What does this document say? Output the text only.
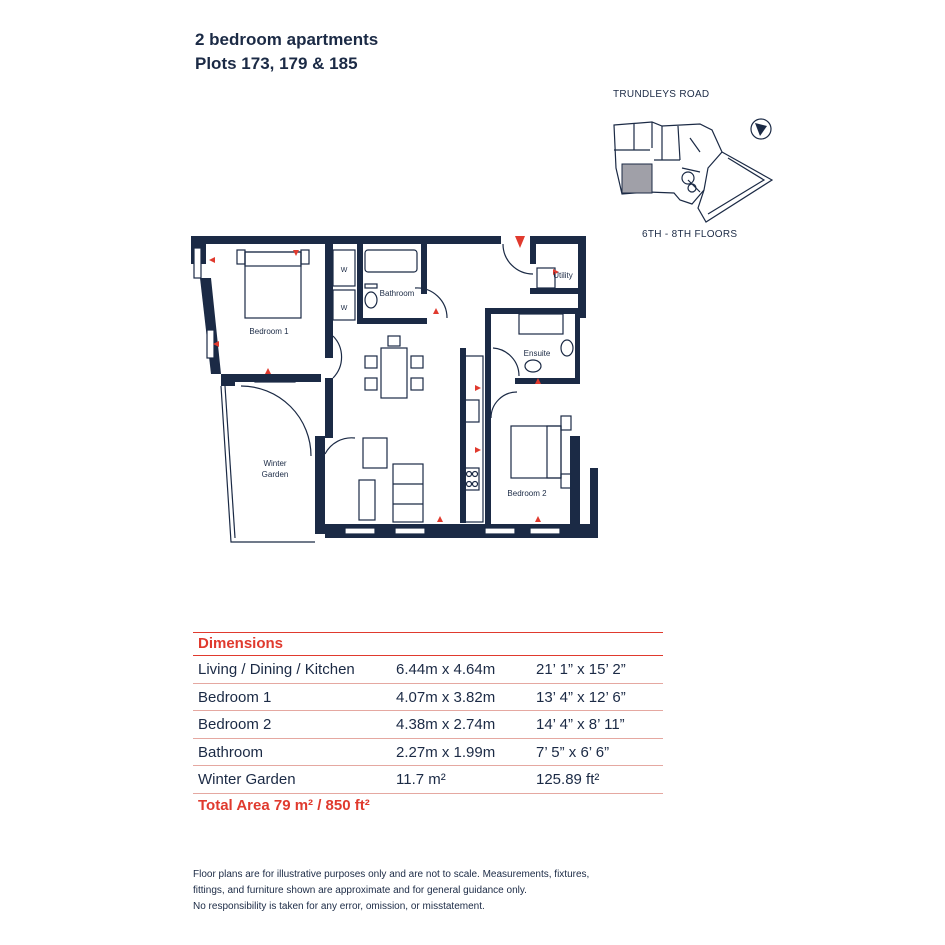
2 bedroom apartments
Plots 173, 179 & 185
TRUNDLEYS ROAD
6TH - 8TH FLOORS
W
W
Bedroom 1
Bathroom
Utility
Ensuite
Bedroom 2
Winter
Garden
Dimensions
Living / Dining / Kitchen	6.44m x 4.64m	21’ 1” x 15’ 2”
Bedroom 1	4.07m x 3.82m	13’ 4” x 12’ 6”
Bedroom 2	4.38m x 2.74m	14’ 4” x 8’ 11”
Bathroom	2.27m x 1.99m	7’ 5” x 6’ 6”
Winter Garden	11.7 m²	125.89 ft²
Total Area 79 m² / 850 ft²
Floor plans are for illustrative purposes only and are not to scale. Measurements, fixtures,
fittings, and furniture shown are approximate and for general guidance only.
No responsibility is taken for any error, omission, or misstatement.
